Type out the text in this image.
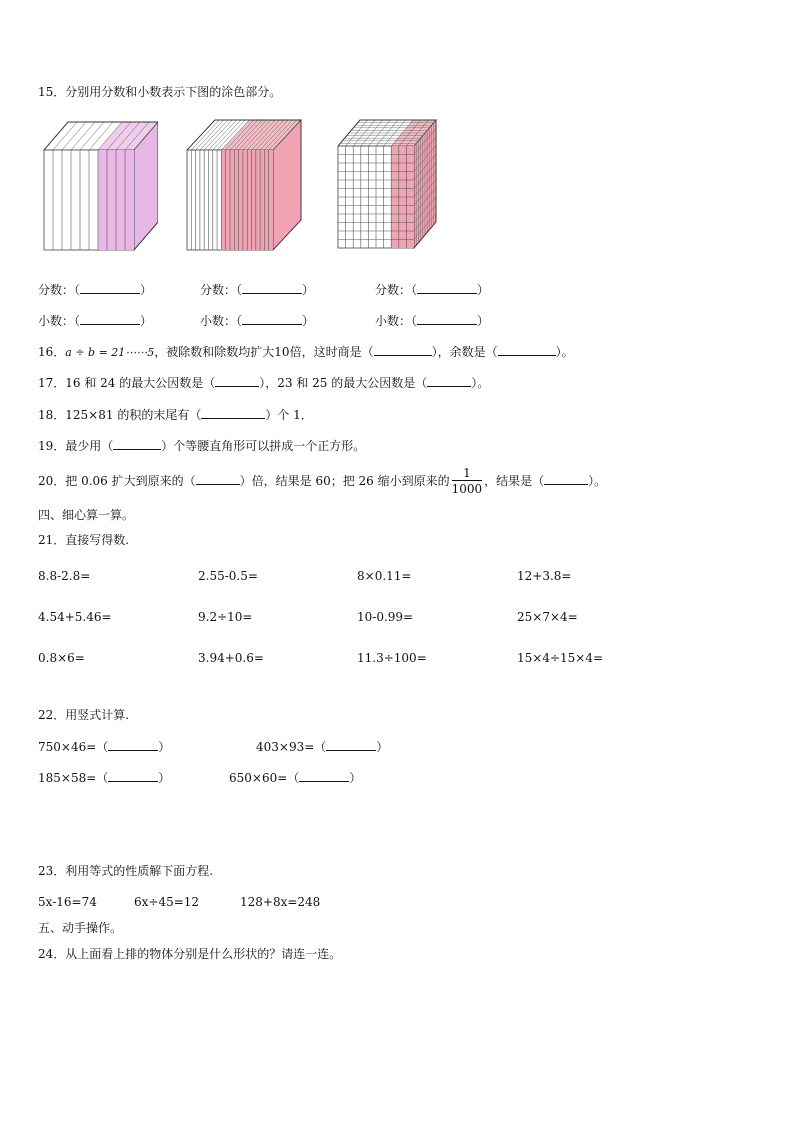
15．分别用分数和小数表示下图的涂色部分。
分数：（	）	分数：（	）	分数：（	）
小数：（	）	小数：（	）	小数：（	）
16．a ÷ b = 21⋯⋯5，被除数和除数均扩大10倍，这时商是（	），余数是（	）。
17．16 和 24 的最大公因数是（	），23 和 25 的最大公因数是（	）。
18．125×81 的积的末尾有（	）个 1．
19．最少用（	）个等腰直角形可以拼成一个正方形。
20．把 0.06 扩大到原来的（	）倍，结果是 60；把 26 缩小到原来的 $\frac{1}{1000}$ ，结果是（	）。
四、细心算一算。
21．直接写得数.
8.8-2.8=	2.55-0.5=	8×0.11=	12+3.8=
4.54+5.46=	9.2÷10=	10-0.99=	25×7×4=
0.8×6=	3.94+0.6=	11.3÷100=	15×4÷15×4=
22．用竖式计算.
750×46=（	）	403×93=（	）
185×58=（	）	650×60=（	）
23．利用等式的性质解下面方程.
5x-16=74	6x÷45=12	128+8x=248
五、动手操作。
24．从上面看上排的物体分别是什么形状的？请连一连。
